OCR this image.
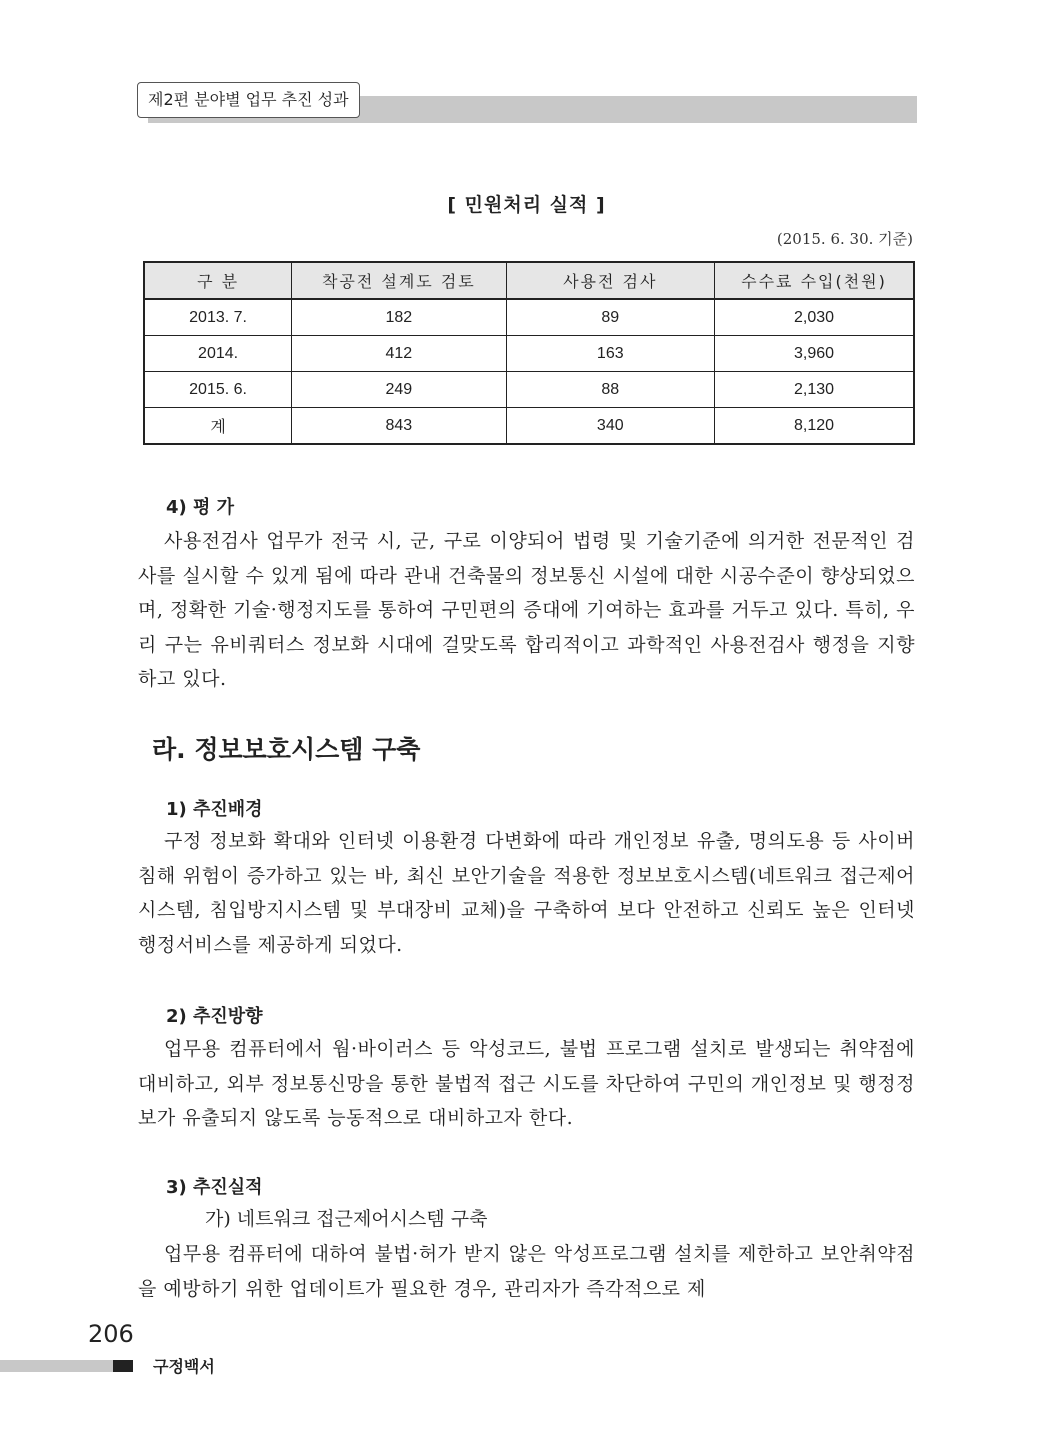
제2편 분야별 업무 추진 성과
[ 민원처리 실적 ]
(2015. 6. 30. 기준)
구 분	착공전 설계도 검토	사용전 검사	수수료 수입(천원)
2013. 7.	182	89	2,030
2014.	412	163	3,960
2015. 6.	249	88	2,130
계	843	340	8,120
4) 평 가
사용전검사 업무가 전국 시, 군, 구로 이양되어 법령 및 기술기준에 의거한 전문적인 검사를 실시할 수 있게 됨에 따라 관내 건축물의 정보통신 시설에 대한 시공수준이 향상되었으며, 정확한 기술·행정지도를 통하여 구민편의 증대에 기여하는 효과를 거두고 있다. 특히, 우리 구는 유비쿼터스 정보화 시대에 걸맞도록 합리적이고 과학적인 사용전검사 행정을 지향하고 있다.
라. 정보보호시스템 구축
1) 추진배경
구정 정보화 확대와 인터넷 이용환경 다변화에 따라 개인정보 유출, 명의도용 등 사이버 침해 위험이 증가하고 있는 바, 최신 보안기술을 적용한 정보보호시스템(네트워크 접근제어시스템, 침입방지시스템 및 부대장비 교체)을 구축하여 보다 안전하고 신뢰도 높은 인터넷 행정서비스를 제공하게 되었다.
2) 추진방향
업무용 컴퓨터에서 웜·바이러스 등 악성코드, 불법 프로그램 설치로 발생되는 취약점에 대비하고, 외부 정보통신망을 통한 불법적 접근 시도를 차단하여 구민의 개인정보 및 행정정보가 유출되지 않도록 능동적으로 대비하고자 한다.
3) 추진실적
가) 네트워크 접근제어시스템 구축
업무용 컴퓨터에 대하여 불법·허가 받지 않은 악성프로그램 설치를 제한하고 보안취약점을 예방하기 위한 업데이트가 필요한 경우, 관리자가 즉각적으로 제
206
구정백서
